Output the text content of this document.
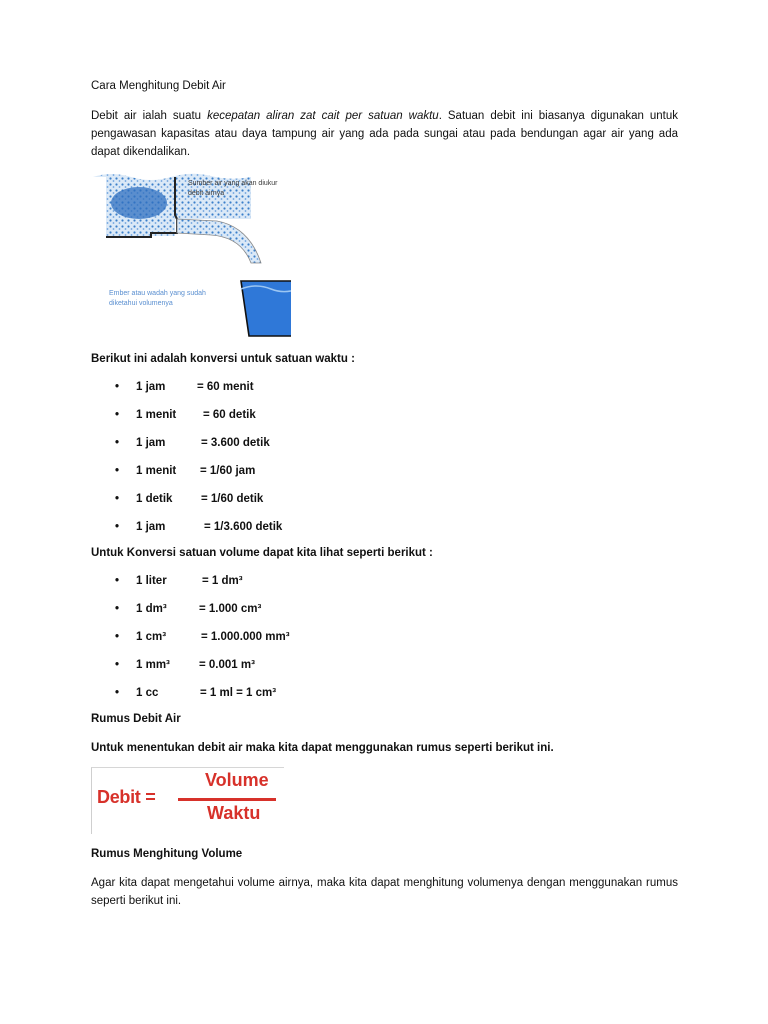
Cara Menghitung Debit Air

Debit air ialah suatu kecepatan aliran zat cait per satuan waktu. Satuan debit ini biasanya digunakan untuk pengawasan kapasitas atau daya tampung air yang ada pada sungai atau pada bendungan agar air yang ada dapat dikendalikan.

Sumber air yang akan diukur debit airnya
Ember atau wadah yang sudah diketahui volumenya

Berikut ini adalah konversi untuk satuan waktu :

• 1 jam	= 60 menit
• 1 menit = 60 detik
• 1 jam	= 3.600 detik
• 1 menit = 1/60 jam
• 1 detik = 1/60 detik
• 1 jam	= 1/3.600 detik

Untuk Konversi satuan volume dapat kita lihat seperti berikut :

• 1 liter	= 1 dm³
• 1 dm³	= 1.000 cm³
• 1 cm³	= 1.000.000 mm³
• 1 mm³	= 0.001 m³
• 1 cc	= 1 ml = 1 cm³

Rumus Debit Air

Untuk menentukan debit air maka kita dapat menggunakan rumus seperti berikut ini.

Debit =
Volume
Waktu

Rumus Menghitung Volume

Agar kita dapat mengetahui volume airnya, maka kita dapat menghitung volumenya dengan menggunakan rumus seperti berikut ini.
